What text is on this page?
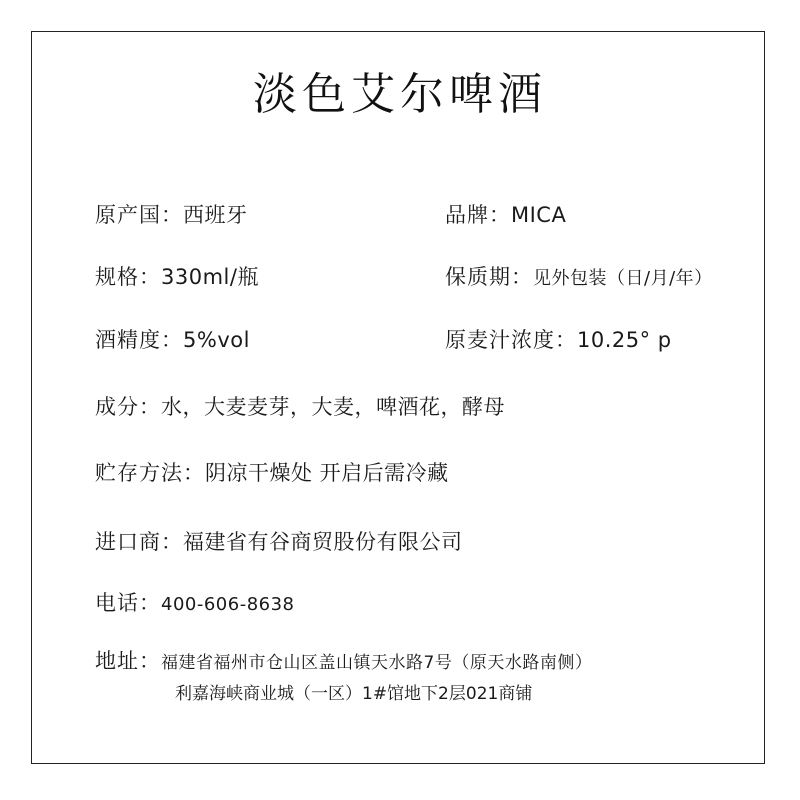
淡色艾尔啤酒
原产国：西班牙	品牌：MICA
规格：330ml/瓶	保质期：见外包装（日/月/年）
酒精度：5%vol	原麦汁浓度：10.25° p
成分：水，大麦麦芽，大麦，啤酒花，酵母
贮存方法：阴凉干燥处 开启后需冷藏
进口商：福建省有谷商贸股份有限公司
电话：400-606-8638
地址：福建省福州市仓山区盖山镇天水路7号（原天水路南侧）
利嘉海峡商业城（一区）1#馆地下2层021商铺
